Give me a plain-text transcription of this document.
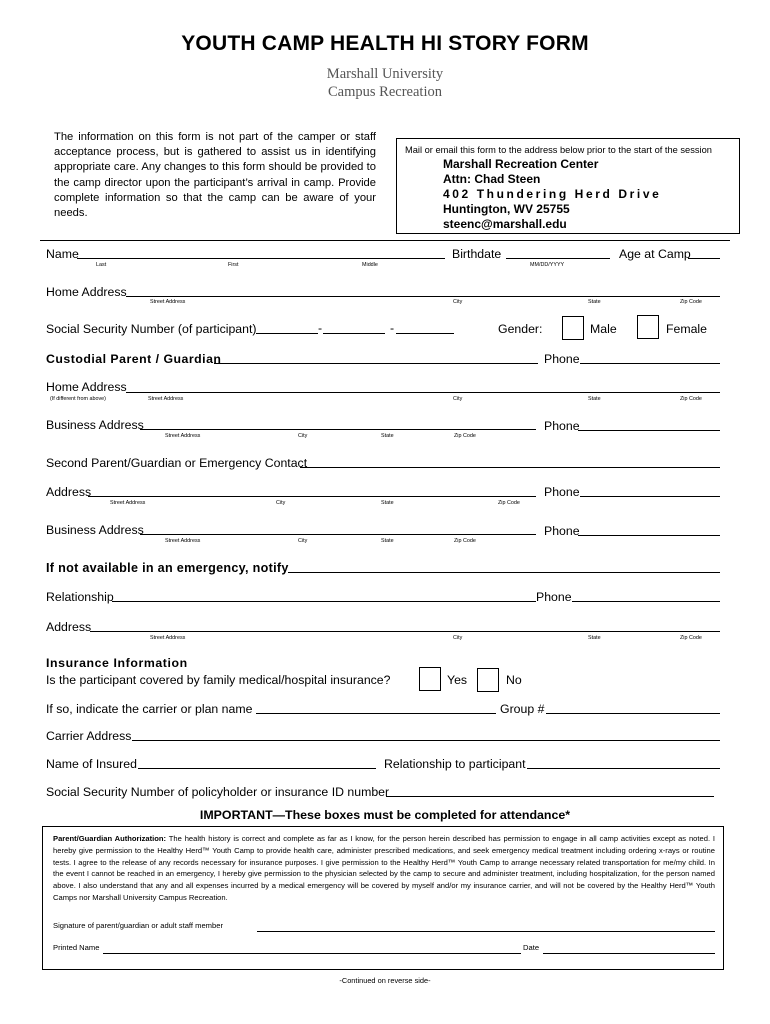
YOUTH CAMP HEALTH HI STORY FORM
Marshall University
Campus Recreation
The information on this form is not part of the camper or staff acceptance process, but is gathered to assist us in identifying appropriate care. Any changes to this form should be provided to the camp director upon the participant’s arrival in camp. Provide complete information so that the camp can be aware of your needs.
Mail or email this form to the address below prior to the start of the session
Marshall Recreation Center
Attn: Chad Steen
402 Thundering Herd Drive
Huntington, WV 25755
steenc@marshall.edu
Name	Birthdate	Age at Camp
Last	First	Middle	MM/DD/YYYY
Home Address
Street Address	City	State	Zip Code
Social Security Number (of participant)	-	-	Gender:	Male	Female
Custodial Parent / Guardian	Phone
Home Address
(If different from above)	Street Address	City	State	Zip Code
Business Address	Phone
Street Address	City	State	Zip Code
Second Parent/Guardian or Emergency Contact
Address	Phone
Street Address	City	State	Zip Code
Business Address	Phone
Street Address	City	State	Zip Code
If not available in an emergency, notify
Relationship	Phone
Address
Street Address	City	State	Zip Code
Insurance Information
Is the participant covered by family medical/hospital insurance?	Yes	No
If so, indicate the carrier or plan name	Group #
Carrier Address
Name of Insured	Relationship to participant
Social Security Number of policyholder or insurance ID number
IMPORTANT—These boxes must be completed for attendance*
Parent/Guardian Authorization: The health history is correct and complete as far as I know, for the person herein described has permission to engage in all camp activities except as noted. I hereby give permission to the Healthy Herd™ Youth Camp to provide health care, administer prescribed medications, and seek emergency medical treatment including ordering x-rays or routine tests. I agree to the release of any records necessary for insurance purposes. I give permission to the Healthy Herd™ Youth Camp to arrange necessary related transportation for me/my child. In the event I cannot be reached in an emergency, I hereby give permission to the physician selected by the camp to secure and administer treatment, including hospitalization, for the person named above. I also understand that any and all expenses incurred by a medical emergency will be covered by myself and/or my insurance carrier, and will not be covered by the Healthy Herd™ Youth Camps nor Marshall University Campus Recreation.
Signature of parent/guardian or adult staff member
Printed Name	Date
-Continued on reverse side-
